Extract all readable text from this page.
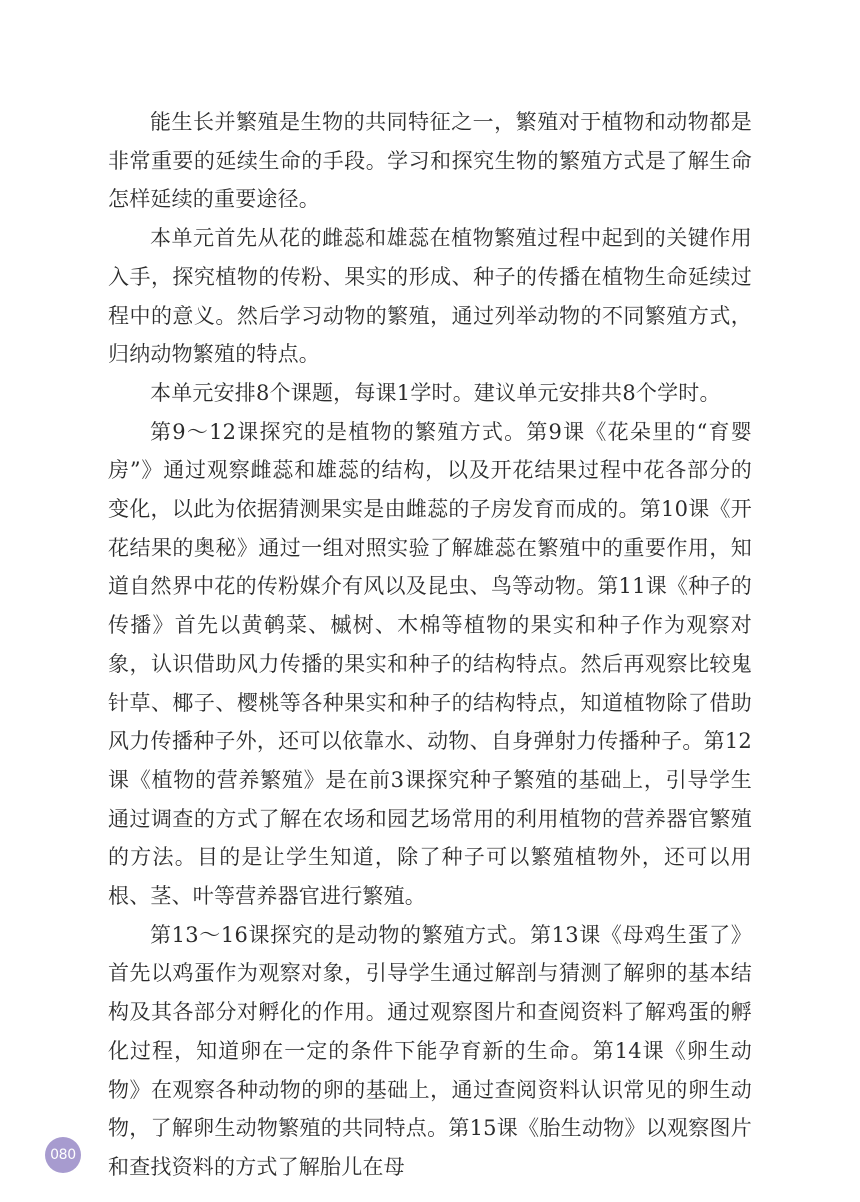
能生长并繁殖是生物的共同特征之一，繁殖对于植物和动物都是非常重要的延续生命的手段。学习和探究生物的繁殖方式是了解生命怎样延续的重要途径。

本单元首先从花的雌蕊和雄蕊在植物繁殖过程中起到的关键作用入手，探究植物的传粉、果实的形成、种子的传播在植物生命延续过程中的意义。然后学习动物的繁殖，通过列举动物的不同繁殖方式，归纳动物繁殖的特点。

本单元安排8个课题，每课1学时。建议单元安排共8个学时。

第9～12课探究的是植物的繁殖方式。第9课《花朵里的“育婴房”》通过观察雌蕊和雄蕊的结构，以及开花结果过程中花各部分的变化，以此为依据猜测果实是由雌蕊的子房发育而成的。第10课《开花结果的奥秘》通过一组对照实验了解雄蕊在繁殖中的重要作用，知道自然界中花的传粉媒介有风以及昆虫、鸟等动物。第11课《种子的传播》首先以黄鹌菜、槭树、木棉等植物的果实和种子作为观察对象，认识借助风力传播的果实和种子的结构特点。然后再观察比较鬼针草、椰子、樱桃等各种果实和种子的结构特点，知道植物除了借助风力传播种子外，还可以依靠水、动物、自身弹射力传播种子。第12课《植物的营养繁殖》是在前3课探究种子繁殖的基础上，引导学生通过调查的方式了解在农场和园艺场常用的利用植物的营养器官繁殖的方法。目的是让学生知道，除了种子可以繁殖植物外，还可以用根、茎、叶等营养器官进行繁殖。

第13～16课探究的是动物的繁殖方式。第13课《母鸡生蛋了》首先以鸡蛋作为观察对象，引导学生通过解剖与猜测了解卵的基本结构及其各部分对孵化的作用。通过观察图片和查阅资料了解鸡蛋的孵化过程，知道卵在一定的条件下能孕育新的生命。第14课《卵生动物》在观察各种动物的卵的基础上，通过查阅资料认识常见的卵生动物，了解卵生动物繁殖的共同特点。第15课《胎生动物》以观察图片和查找资料的方式了解胎儿在母

080
